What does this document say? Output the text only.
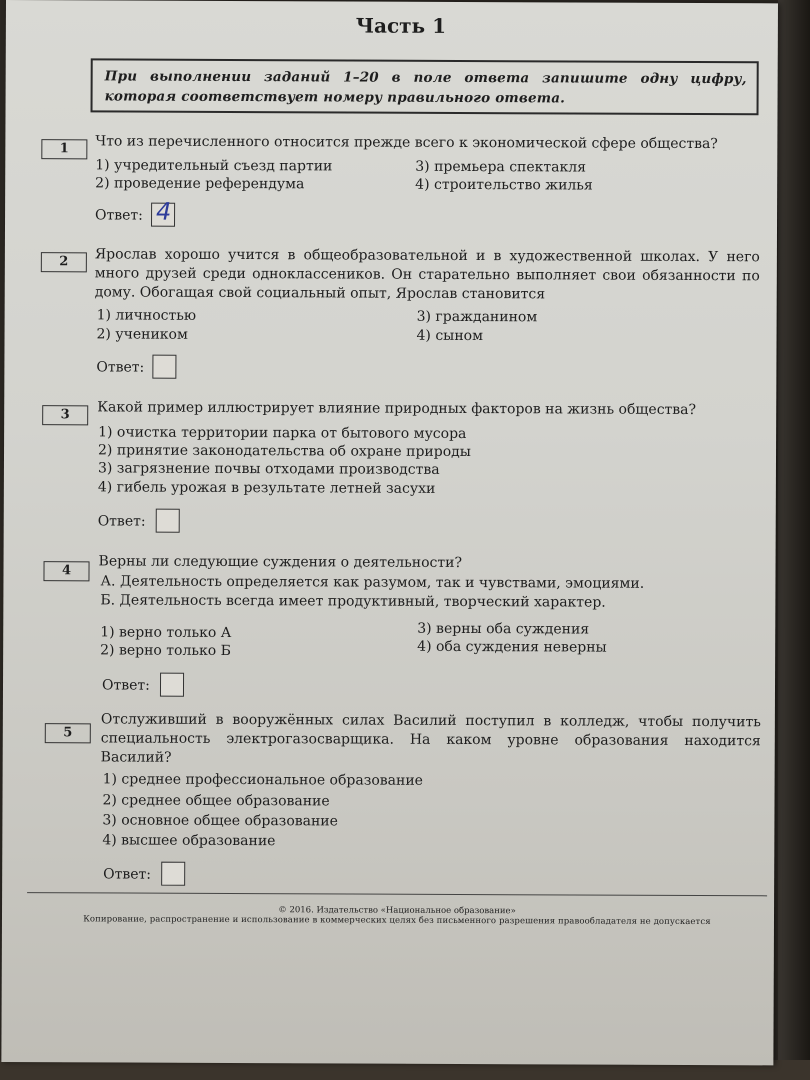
Часть 1
При выполнении заданий 1–20 в поле ответа запишите одну цифру, которая соответствует номеру правильного ответа.
1	Что из перечисленного относится прежде всего к экономической сфере общества?
1) учредительный съезд партии
2) проведение референдума
3) премьера спектакля
4) строительство жилья
Ответ: 4
2	Ярослав хорошо учится в общеобразовательной и в художественной школах. У него много друзей среди одноклассеников. Он старательно выполняет свои обязанности по дому. Обогащая свой социальный опыт, Ярослав становится
1) личностью
2) учеником
3) гражданином
4) сыном
Ответ:
3	Какой пример иллюстрирует влияние природных факторов на жизнь общества?
1) очистка территории парка от бытового мусора
2) принятие законодательства об охране природы
3) загрязнение почвы отходами производства
4) гибель урожая в результате летней засухи
Ответ:
4	Верны ли следующие суждения о деятельности?
А. Деятельность определяется как разумом, так и чувствами, эмоциями.
Б. Деятельность всегда имеет продуктивный, творческий характер.
1) верно только А
2) верно только Б
3) верны оба суждения
4) оба суждения неверны
Ответ:
5
Отслуживший в вооружённых силах Василий поступил в колледж, чтобы получить специальность электрогазосварщика. На каком уровне образования находится Василий?
1) среднее профессиональное образование
2) среднее общее образование
3) основное общее образование
4) высшее образование
Ответ:
© 2016. Издательство «Национальное образование»
Копирование, распространение и использование в коммерческих целях без письменного разрешения правообладателя не допускается
